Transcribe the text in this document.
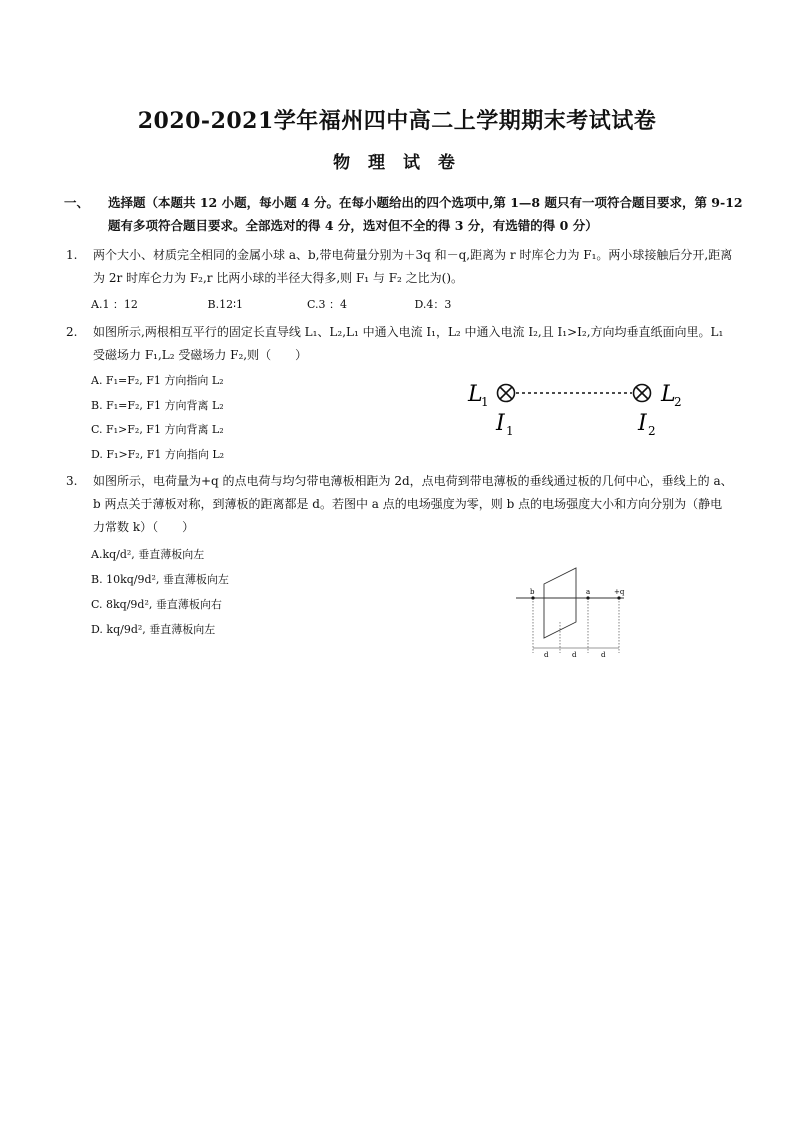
2020-2021学年福州四中高二上学期期末考试试卷
物 理 试 卷
一、 选择题（本题共 12 小题，每小题 4 分。在每小题给出的四个选项中,第 1—8 题只有一项符合题目要求，第 9-12 题有多项符合题目要求。全部选对的得 4 分，选对但不全的得 3 分，有选错的得 0 分）
1. 两个大小、材质完全相同的金属小球 a、b,带电荷量分别为＋3q 和－q,距离为 r 时库仑力为 F₁。两小球接触后分开,距离为 2r 时库仑力为 F₂,r 比两小球的半径大得多,则 F₁ 与 F₂ 之比为()。
A.1 ：12	B.12∶1	C.3 ：4	D.4：3
2. 如图所示,两根相互平行的固定长直导线 L₁、L₂,L₁ 中通入电流 I₁，L₂ 中通入电流 I₂,且 I₁>I₂,方向均垂直纸面向里。L₁ 受磁场力 F₁,L₂ 受磁场力 F₂,则（　　）
A. F₁=F₂, F1 方向指向 L₂
B. F₁=F₂, F1 方向背离 L₂
C. F₁>F₂, F1 方向背离 L₂
D. F₁>F₂, F1 方向指向 L₂
L
1	L
2
I 1	I 2
3. 如图所示，电荷量为+q 的点电荷与均匀带电薄板相距为 2d，点电荷到带电薄板的垂线通过板的几何中心，垂线上的 a、b 两点关于薄板对称，到薄板的距离都是 d。若图中 a 点的电场强度为零，则 b 点的电场强度大小和方向分别为（静电力常数 k）（　　）
A.kq/d², 垂直薄板向左
B. 10kq/9d², 垂直薄板向左
C. 8kq/9d², 垂直薄板向右
D. kq/9d², 垂直薄板向左
b	a	+q
d	d	d
